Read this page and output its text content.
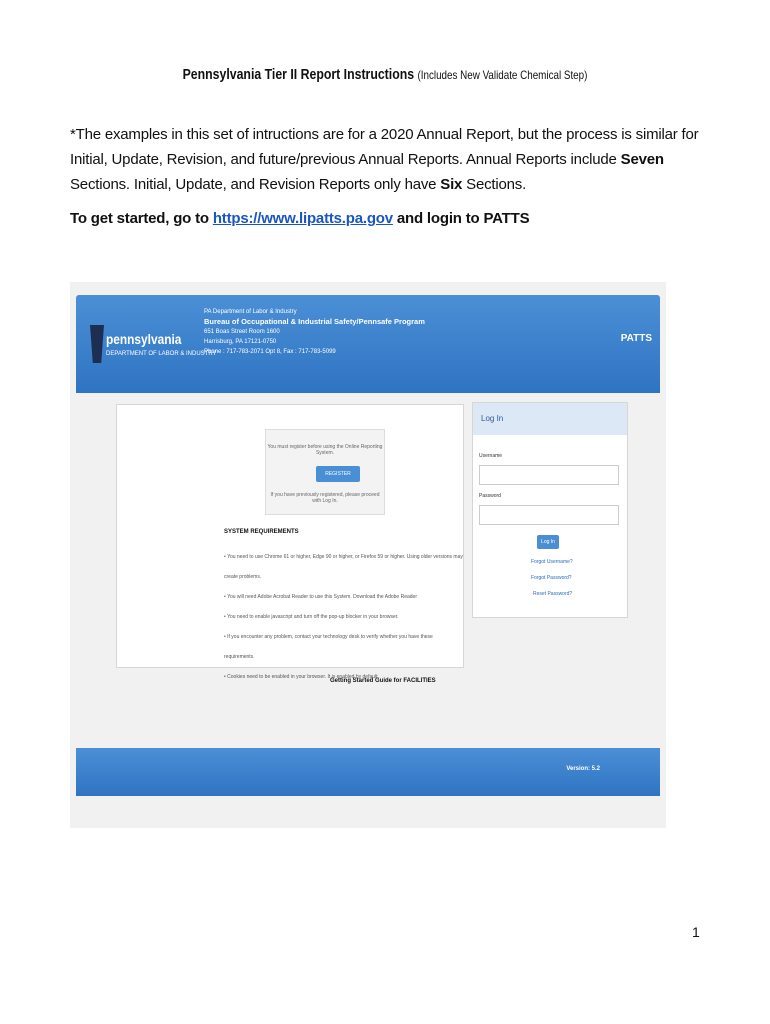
Pennsylvania Tier II Report Instructions (Includes New Validate Chemical Step)
*The examples in this set of intructions are for a 2020 Annual Report, but the process is similar for Initial, Update, Revision, and future/previous Annual Reports. Annual Reports include Seven Sections. Initial, Update, and Revision Reports only have Six Sections.
To get started, go to https://www.lipatts.pa.gov and login to PATTS
pennsylvania
DEPARTMENT OF LABOR & INDUSTRY
PA Department of Labor & Industry
Bureau of Occupational & Industrial Safety/Pennsafe Program
651 Boas Street Room 1600
Harrisburg, PA 17121-0750
Phone : 717-783-2071 Opt 8, Fax : 717-783-5099
PATTS
You must register before using the Online Reporting System.
REGISTER
If you have previously registered, please proceed with Log In.
SYSTEM REQUIREMENTS
• You need to use Chrome 61 or higher, Edge 90 or higher, or Firefox 59 or higher. Using older versions may create problems.
• You will need Adobe Acrobat Reader to use this System. Download the Adobe Reader
• You need to enable javascript and turn off the pop-up blocker in your browser.
• If you encounter any problem, contact your technology desk to verify whether you have these requirements.
• Cookies need to be enabled in your browser. It is enabled by default.
Log In
Username
Password
Log In
Forgot Username?
Forgot Password?
Reset Password?
Getting Started Guide for FACILITIES
Version: 5.2
1
